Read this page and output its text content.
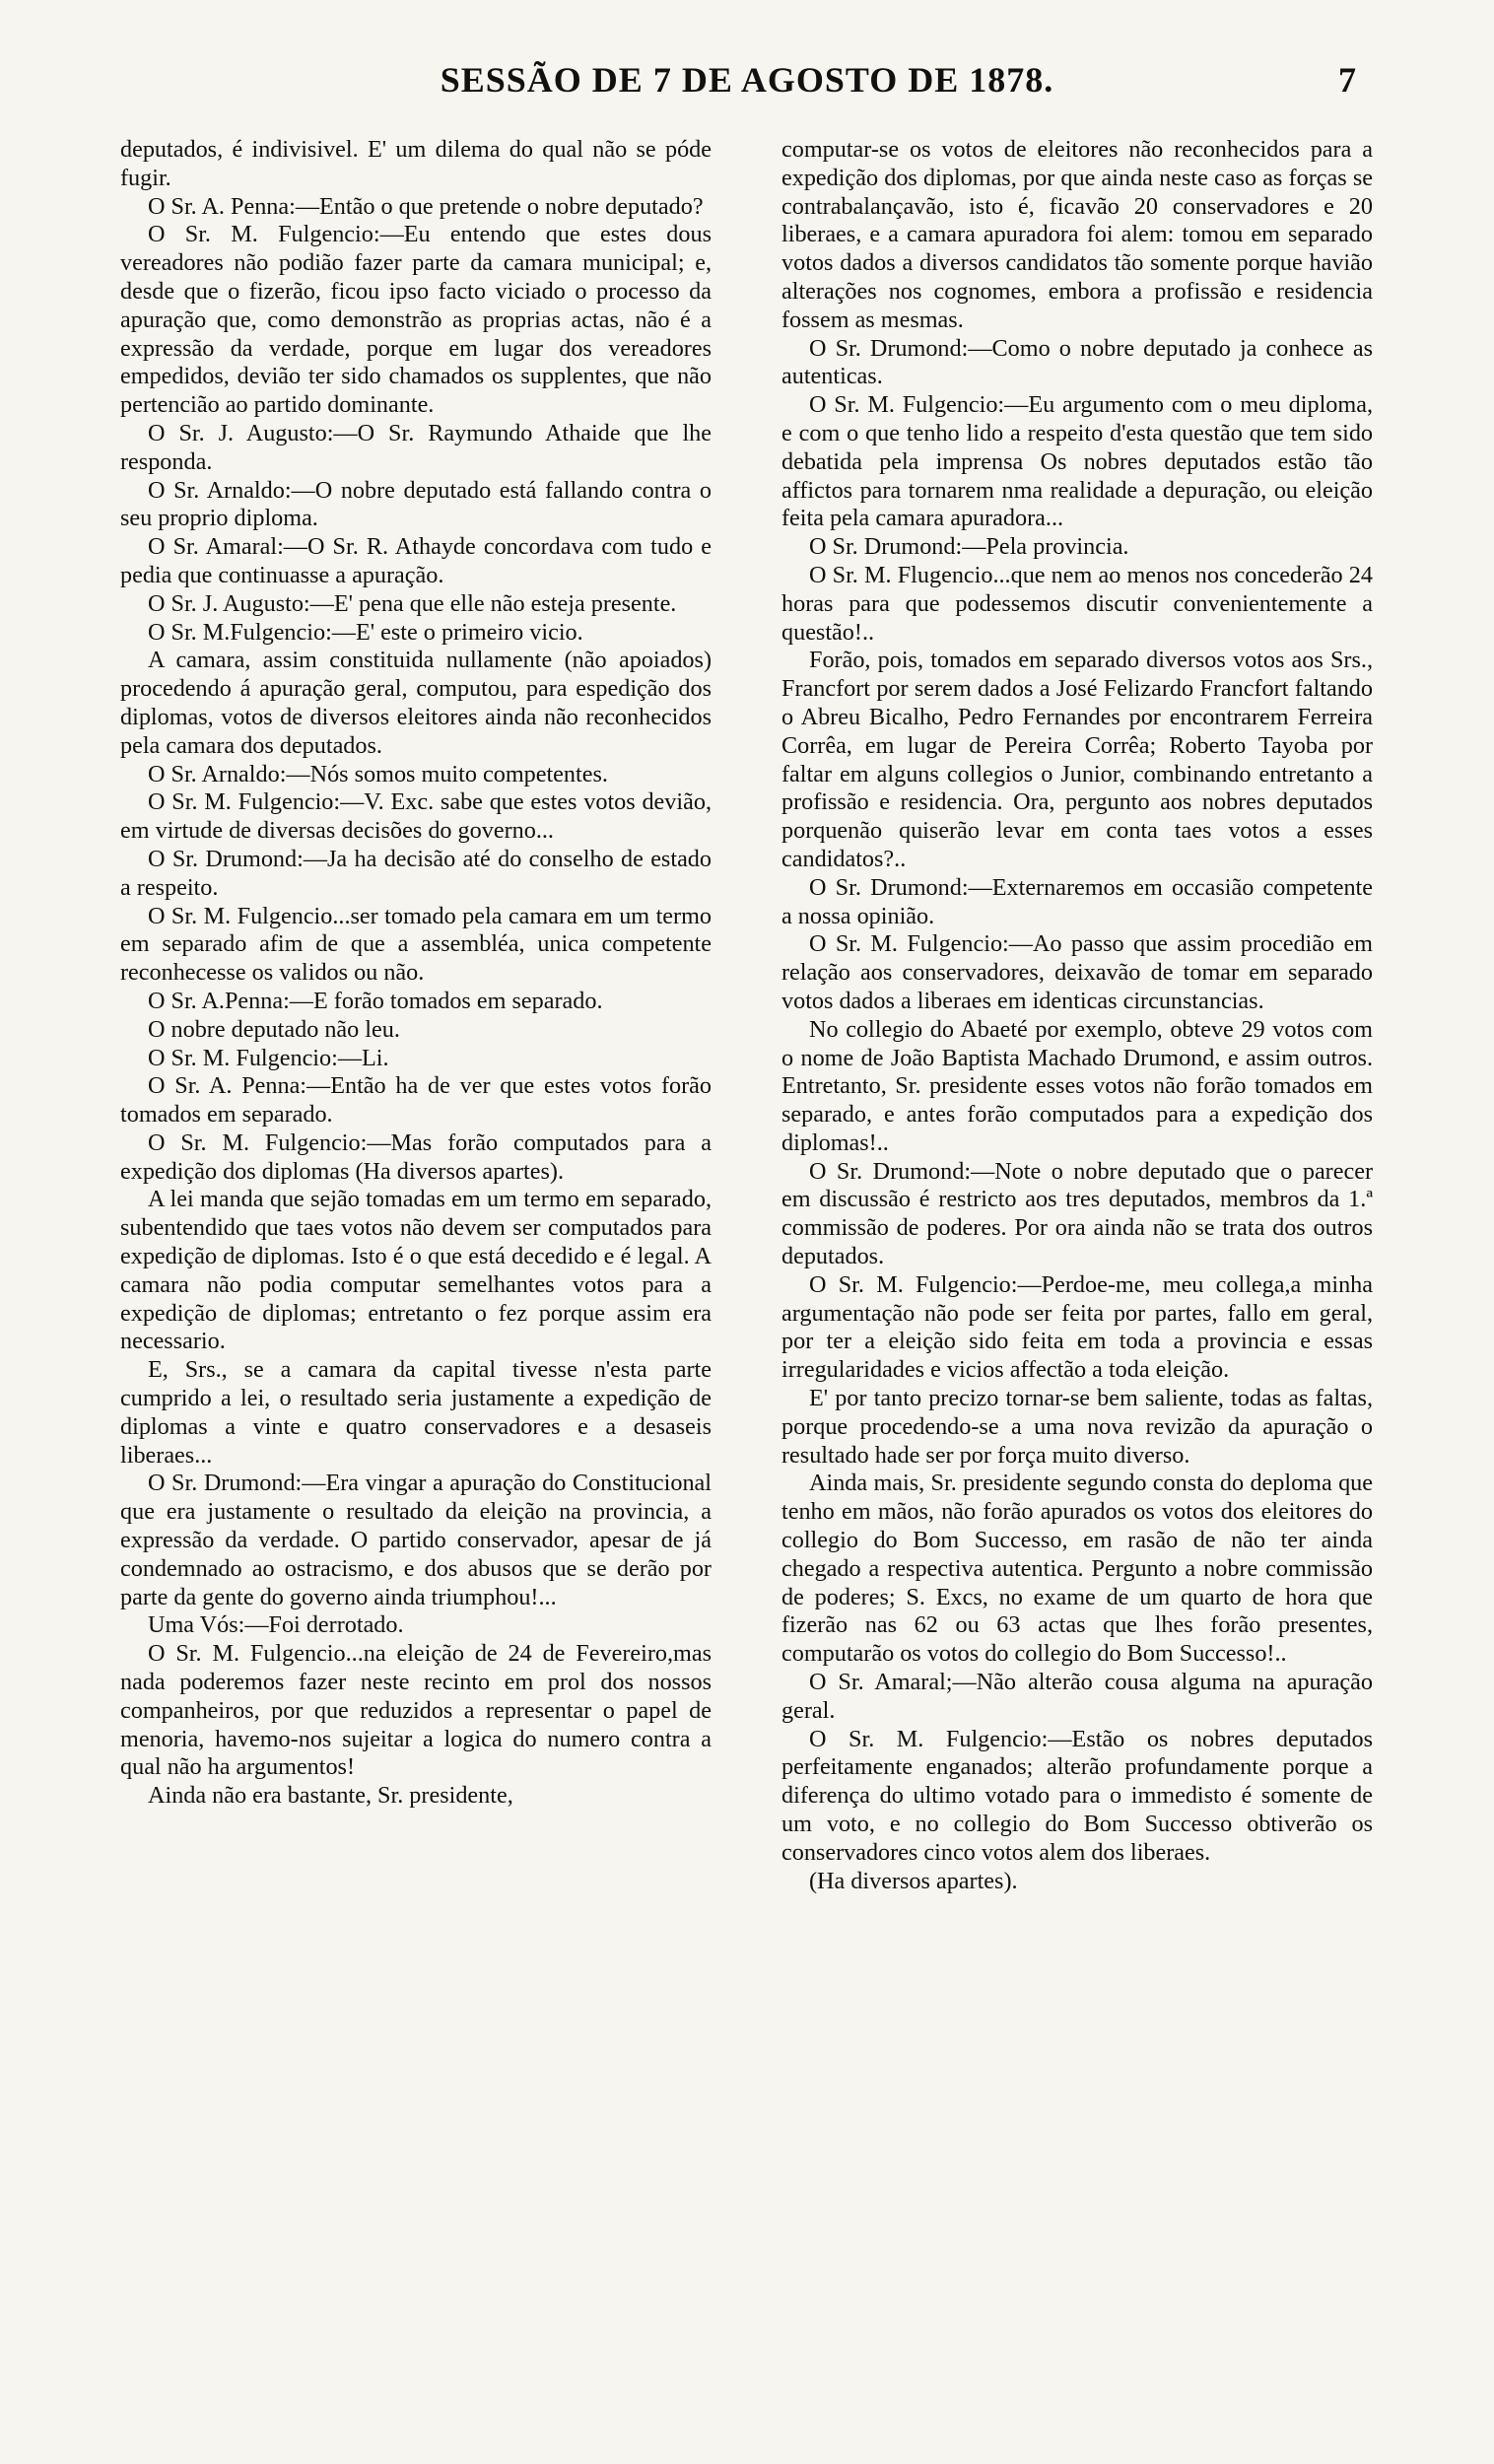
SESSÃO DE 7 DE AGOSTO DE 1878.	7

deputados, é indivisivel. E' um dilema do qual não se póde fugir.

O Sr. A. Penna:—Então o que pretende o nobre deputado?

O Sr. M. Fulgencio:—Eu entendo que estes dous vereadores não podião fazer parte da camara municipal; e, desde que o fizerão, ficou ipso facto viciado o processo da apuração que, como demonstrão as proprias actas, não é a expressão da verdade, porque em lugar dos vereadores empedidos, devião ter sido chamados os supplentes, que não pertencião ao partido dominante.

O Sr. J. Augusto:—O Sr. Raymundo Athaide que lhe responda.

O Sr. Arnaldo:—O nobre deputado está fallando contra o seu proprio diploma.

O Sr. Amaral:—O Sr. R. Athayde concordava com tudo e pedia que continuasse a apuração.

O Sr. J. Augusto:—E' pena que elle não esteja presente.

O Sr. M.Fulgencio:—E' este o primeiro vicio.

A camara, assim constituida nullamente (não apoiados) procedendo á apuração geral, computou, para espedição dos diplomas, votos de diversos eleitores ainda não reconhecidos pela camara dos deputados.

O Sr. Arnaldo:—Nós somos muito competentes.

O Sr. M. Fulgencio:—V. Exc. sabe que estes votos devião, em virtude de diversas decisões do governo...

O Sr. Drumond:—Ja ha decisão até do conselho de estado a respeito.

O Sr. M. Fulgencio...ser tomado pela camara em um termo em separado afim de que a assembléa, unica competente reconhecesse os validos ou não.

O Sr. A.Penna:—E forão tomados em separado.

O nobre deputado não leu.

O Sr. M. Fulgencio:—Li.

O Sr. A. Penna:—Então ha de ver que estes votos forão tomados em separado.

O Sr. M. Fulgencio:—Mas forão computados para a expedição dos diplomas (Ha diversos apartes).

A lei manda que sejão tomadas em um termo em separado, subentendido que taes votos não devem ser computados para expedição de diplomas. Isto é o que está decedido e é legal. A camara não podia computar semelhantes votos para a expedição de diplomas; entretanto o fez porque assim era necessario.

E, Srs., se a camara da capital tivesse n'esta parte cumprido a lei, o resultado seria justamente a expedição de diplomas a vinte e quatro conservadores e a desaseis liberaes...

O Sr. Drumond:—Era vingar a apuração do Constitucional que era justamente o resultado da eleição na provincia, a expressão da verdade. O partido conservador, apesar de já condemnado ao ostracismo, e dos abusos que se derão por parte da gente do governo ainda triumphou!...

Uma Vós:—Foi derrotado.

O Sr. M. Fulgencio...na eleição de 24 de Fevereiro,mas nada poderemos fazer neste recinto em prol dos nossos companheiros, por que reduzidos a representar o papel de menoria, havemo-nos sujeitar a logica do numero contra a qual não ha argumentos!

Ainda não era bastante, Sr. presidente,

computar-se os votos de eleitores não reconhecidos para a expedição dos diplomas, por que ainda neste caso as forças se contrabalançavão, isto é, ficavão 20 conservadores e 20 liberaes, e a camara apuradora foi alem: tomou em separado votos dados a diversos candidatos tão somente porque havião alterações nos cognomes, embora a profissão e residencia fossem as mesmas.

O Sr. Drumond:—Como o nobre deputado ja conhece as autenticas.

O Sr. M. Fulgencio:—Eu argumento com o meu diploma, e com o que tenho lido a respeito d'esta questão que tem sido debatida pela imprensa Os nobres deputados estão tão affictos para tornarem nma realidade a depuração, ou eleição feita pela camara apuradora...

O Sr. Drumond:—Pela provincia.

O Sr. M. Flugencio...que nem ao menos nos concederão 24 horas para que podessemos discutir convenientemente a questão!..

Forão, pois, tomados em separado diversos votos aos Srs., Francfort por serem dados a José Felizardo Francfort faltando o Abreu Bicalho, Pedro Fernandes por encontrarem Ferreira Corrêa, em lugar de Pereira Corrêa; Roberto Tayoba por faltar em alguns collegios o Junior, combinando entretanto a profissão e residencia. Ora, pergunto aos nobres deputados porquenão quiserão levar em conta taes votos a esses candidatos?..

O Sr. Drumond:—Externaremos em occasião competente a nossa opinião.

O Sr. M. Fulgencio:—Ao passo que assim procedião em relação aos conservadores, deixavão de tomar em separado votos dados a liberaes em identicas circunstancias.

No collegio do Abaeté por exemplo, obteve 29 votos com o nome de João Baptista Machado Drumond, e assim outros. Entretanto, Sr. presidente esses votos não forão tomados em separado, e antes forão computados para a expedição dos diplomas!..

O Sr. Drumond:—Note o nobre deputado que o parecer em discussão é restricto aos tres deputados, membros da 1.ª commissão de poderes. Por ora ainda não se trata dos outros deputados.

O Sr. M. Fulgencio:—Perdoe-me, meu collega,a minha argumentação não pode ser feita por partes, fallo em geral, por ter a eleição sido feita em toda a provincia e essas irregularidades e vicios affectão a toda eleição.

E' por tanto precizo tornar-se bem saliente, todas as faltas, porque procedendo-se a uma nova revizão da apuração o resultado hade ser por força muito diverso.

Ainda mais, Sr. presidente segundo consta do deploma que tenho em mãos, não forão apurados os votos dos eleitores do collegio do Bom Successo, em rasão de não ter ainda chegado a respectiva autentica. Pergunto a nobre commissão de poderes; S. Excs, no exame de um quarto de hora que fizerão nas 62 ou 63 actas que lhes forão presentes, computarão os votos do collegio do Bom Successo!..

O Sr. Amaral;—Não alterão cousa alguma na apuração geral.

O Sr. M. Fulgencio:—Estão os nobres deputados perfeitamente enganados; alterão profundamente porque a diferença do ultimo votado para o immedisto é somente de um voto, e no collegio do Bom Successo obtiverão os conservadores cinco votos alem dos liberaes.

(Ha diversos apartes).
